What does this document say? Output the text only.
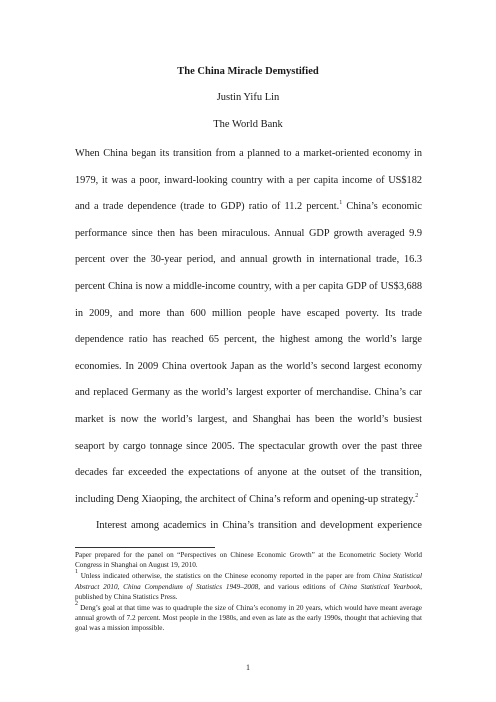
The China Miracle Demystified
Justin Yifu Lin
The World Bank

When China began its transition from a planned to a market-oriented economy in 1979, it was a poor, inward-looking country with a per capita income of US$182 and a trade dependence (trade to GDP) ratio of 11.2 percent.$^1$ China’s economic performance since then has been miraculous. Annual GDP growth averaged 9.9 percent over the 30-year period, and annual growth in international trade, 16.3 percent China is now a middle-income country, with a per capita GDP of US$3,688 in 2009, and more than 600 million people have escaped poverty. Its trade dependence ratio has reached 65 percent, the highest among the world’s large economies. In 2009 China overtook Japan as the world’s second largest economy and replaced Germany as the world’s largest exporter of merchandise. China’s car market is now the world’s largest, and Shanghai has been the world’s busiest seaport by cargo tonnage since 2005. The spectacular growth over the past three decades far exceeded the expectations of anyone at the outset of the transition, including Deng Xiaoping, the architect of China’s reform and opening-up strategy.$^2$

Interest among academics in China’s transition and development experience

Paper prepared for the panel on “Perspectives on Chinese Economic Growth” at the Econometric Society World Congress in Shanghai on August 19, 2010.

$^1$ Unless indicated otherwise, the statistics on the Chinese economy reported in the paper are from China Statistical Abstract 2010, China Compendium of Statistics 1949–2008, and various editions of China Statistical Yearbook, published by China Statistics Press.

$^2$ Deng’s goal at that time was to quadruple the size of China’s economy in 20 years, which would have meant average annual growth of 7.2 percent. Most people in the 1980s, and even as late as the early 1990s, thought that achieving that goal was a mission impossible.

1
